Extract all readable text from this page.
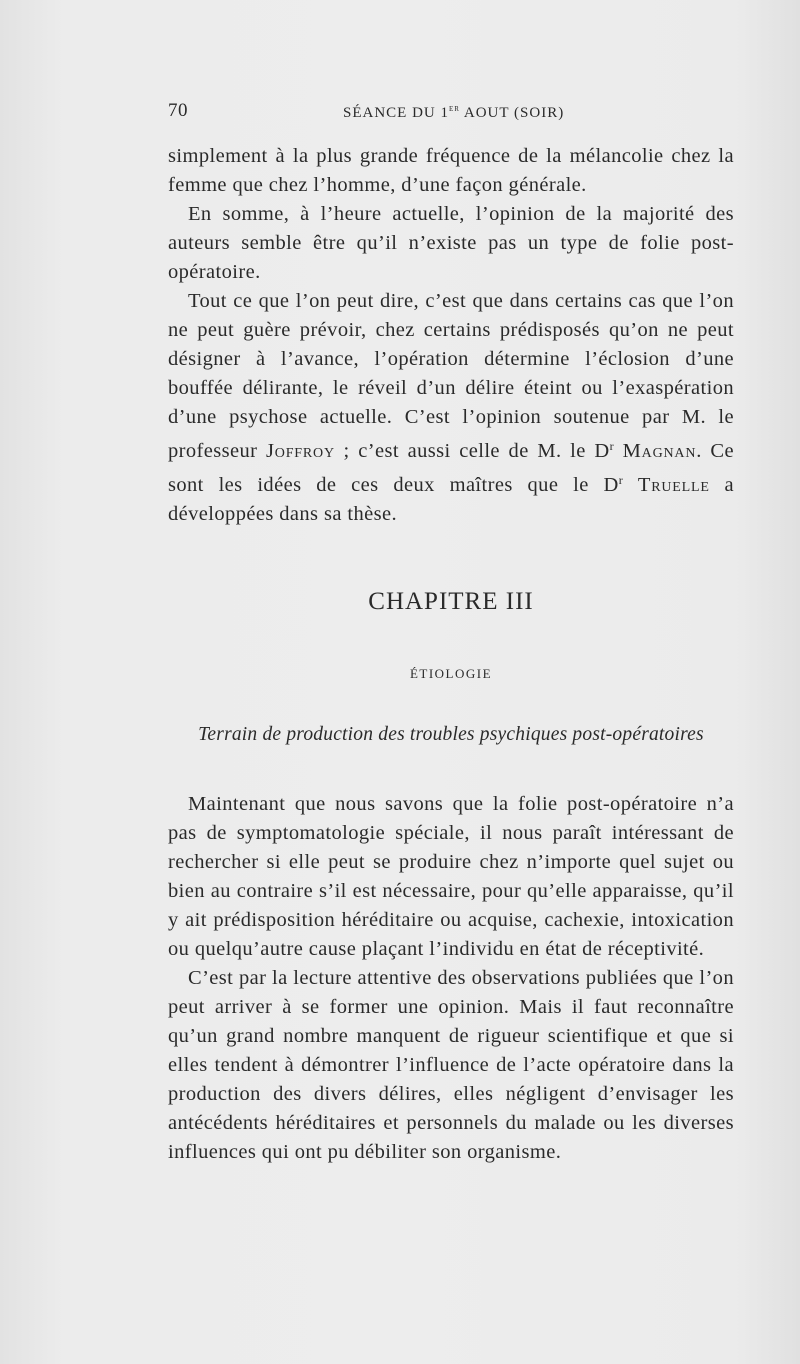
70	SÉANCE DU 1er AOUT (SOIR)

simplement à la plus grande fréquence de la mélancolie chez la femme que chez l’homme, d’une façon générale.

En somme, à l’heure actuelle, l’opinion de la majorité des auteurs semble être qu’il n’existe pas un type de folie post-opératoire.

Tout ce que l’on peut dire, c’est que dans certains cas que l’on ne peut guère prévoir, chez certains prédisposés qu’on ne peut désigner à l’avance, l’opération détermine l’éclosion d’une bouffée délirante, le réveil d’un délire éteint ou l’exaspération d’une psychose actuelle. C’est l’opinion soutenue par M. le professeur Joffroy ; c’est aussi celle de M. le $D^r$ Magnan. Ce sont les idées de ces deux maîtres que le $D^r$ Truelle a développées dans sa thèse.

CHAPITRE III
ÉTIOLOGIE
Terrain de production des troubles psychiques post-opératoires

Maintenant que nous savons que la folie post-opératoire n’a pas de symptomatologie spéciale, il nous paraît intéressant de rechercher si elle peut se produire chez n’importe quel sujet ou bien au contraire s’il est nécessaire, pour qu’elle apparaisse, qu’il y ait prédisposition héréditaire ou acquise, cachexie, intoxication ou quelqu’autre cause plaçant l’individu en état de réceptivité.

C’est par la lecture attentive des observations publiées que l’on peut arriver à se former une opinion. Mais il faut reconnaître qu’un grand nombre manquent de rigueur scientifique et que si elles tendent à démontrer l’influence de l’acte opératoire dans la production des divers délires, elles négligent d’envisager les antécédents héréditaires et personnels du malade ou les diverses influences qui ont pu débiliter son organisme.
